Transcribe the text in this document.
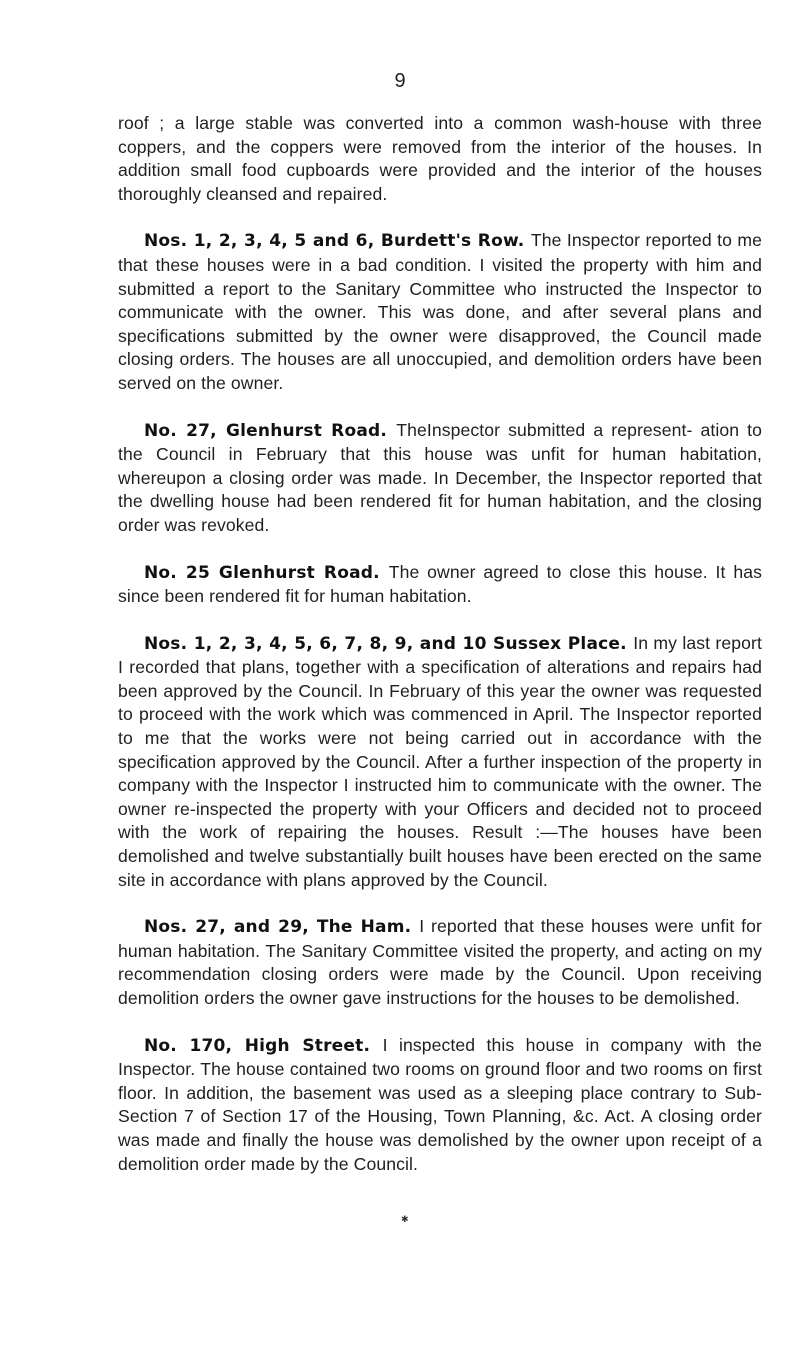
9

roof ; a large stable was converted into a common wash-house with three coppers, and the coppers were removed from the interior of the houses. In addition small food cupboards were provided and the interior of the houses thoroughly cleansed and repaired.

Nos. 1, 2, 3, 4, 5 and 6, Burdett's Row. The Inspector reported to me that these houses were in a bad condition. I visited the property with him and submitted a report to the Sanitary Committee who instructed the Inspector to communicate with the owner. This was done, and after several plans and specifications submitted by the owner were disapproved, the Council made closing orders. The houses are all unoccupied, and demolition orders have been served on the owner.

No. 27, Glenhurst Road. TheInspector submitted a represent- ation to the Council in February that this house was unfit for human habitation, whereupon a closing order was made. In December, the Inspector reported that the dwelling house had been rendered fit for human habitation, and the closing order was revoked.

No. 25 Glenhurst Road. The owner agreed to close this house. It has since been rendered fit for human habitation.

Nos. 1, 2, 3, 4, 5, 6, 7, 8, 9, and 10 Sussex Place. In my last report I recorded that plans, together with a specification of alterations and repairs had been approved by the Council. In February of this year the owner was requested to proceed with the work which was commenced in April. The Inspector reported to me that the works were not being carried out in accordance with the specification approved by the Council. After a further inspection of the property in company with the Inspector I instructed him to communicate with the owner. The owner re-inspected the property with your Officers and decided not to proceed with the work of repairing the houses. Result :—The houses have been demolished and twelve substantially built houses have been erected on the same site in accordance with plans approved by the Council.

Nos. 27, and 29, The Ham. I reported that these houses were unfit for human habitation. The Sanitary Committee visited the property, and acting on my recommendation closing orders were made by the Council. Upon receiving demolition orders the owner gave instructions for the houses to be demolished.

No. 170, High Street. I inspected this house in company with the Inspector. The house contained two rooms on ground floor and two rooms on first floor. In addition, the basement was used as a sleeping place contrary to Sub-Section 7 of Section 17 of the Housing, Town Planning, &c. Act. A closing order was made and finally the house was demolished by the owner upon receipt of a demolition order made by the Council.

✱
